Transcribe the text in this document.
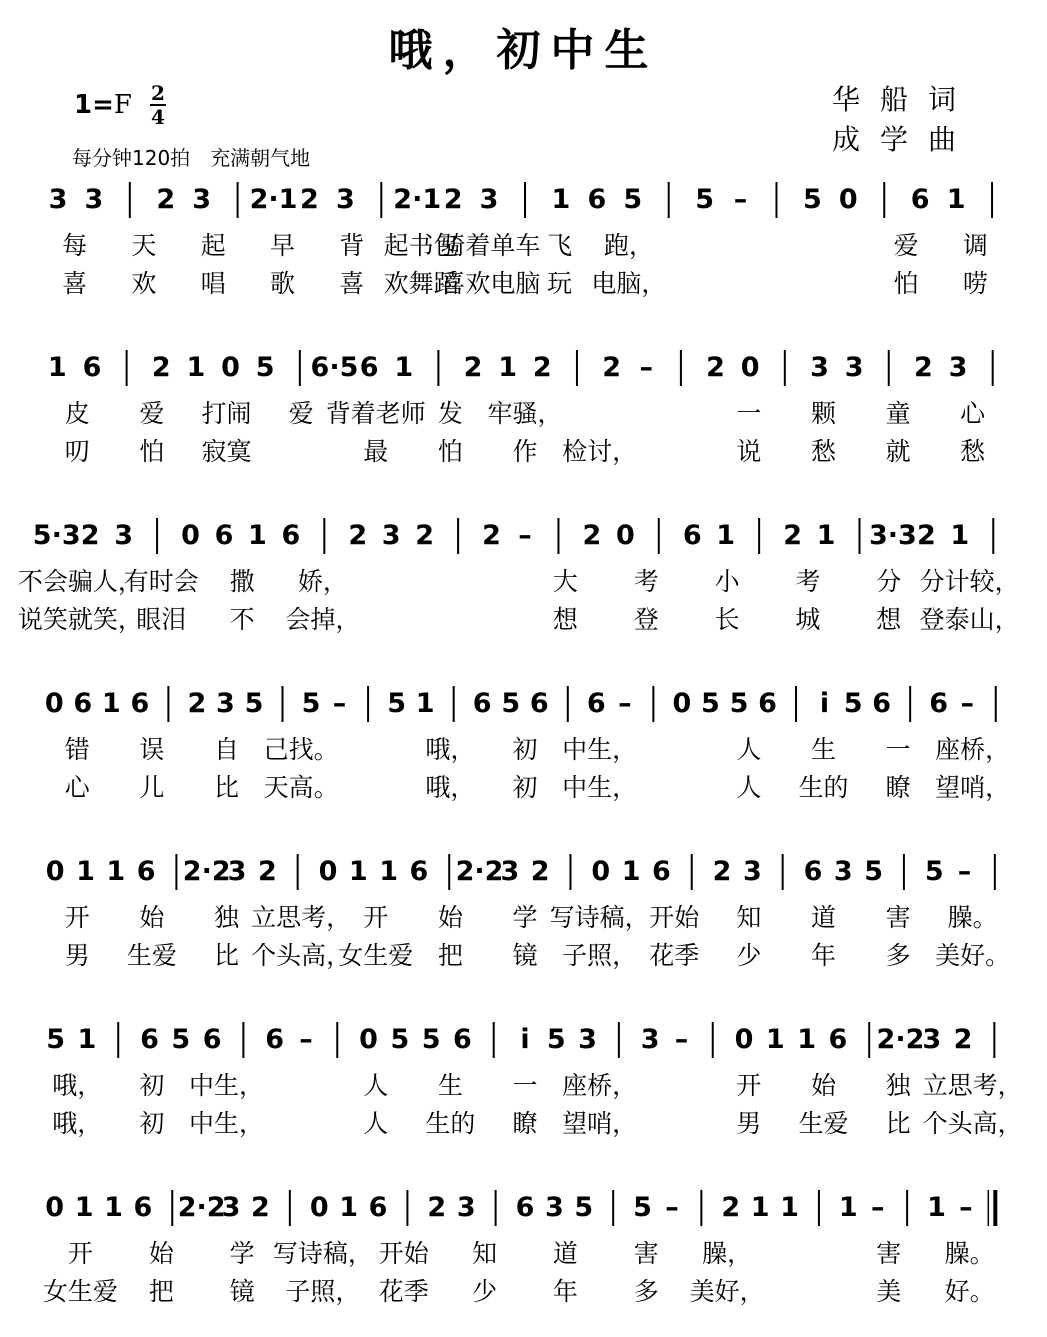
哦，初中生
华船词
成学曲
1=F 2
4
每分钟120拍 充满朝气地
3 3 2 3 2·1 2 3 2·1 2 3 1 6 5 5 – 5 0 6 1
每 天 起 早 背 起书包
骑着单车 飞 跑，	爱 调
喜 欢 唱 歌 喜 欢舞蹈
喜欢电脑 玩 电脑，	怕 唠
1 6 2 1 0 5 6·5 6 1 2 1 2 2 – 2 0 3 3 2 3
皮 爱 打闹 爱 背着老师 发 牢骚，	一 颗 童 心
叨 怕 寂寞	最 怕 作 检讨，	说 愁 就 愁
5·3 2 3 0 6 1 6 2 3 2 2 – 2 0 6 1 2 1 3·3 2 1
不会骗人，
有时会 撒 娇，	大 考 小 考 分 分计较，
说笑就笑，
眼泪 不 会掉，	想 登 长 城 想 登泰山，
0 6 1 6 2 3 5 5 – 5 1 6 5 6 6 – 0 5 5 6 i 5 6 6 –
错 误 自 己找。	哦， 初 中生，	人 生 一 座桥，
心 儿 比 天高。	哦， 初 中生，	人 生的 瞭 望哨，
0 1 1 6 2·2
3 2 0 1 1 6 2·2
3 2 0 1 6 2 3 6 3 5 5 –
开 始 独 立思考， 开 始 学 写诗稿， 开始 知 道 害 臊。
男 生爱 比 个头高，
女生爱 把 镜 子照， 花季 少 年 多 美好。
5 1 6 5 6 6 – 0 5 5 6 i 5 3 3 – 0 1 1 6 2·2
3 2
哦， 初 中生，	人 生 一 座桥，	开 始 独 立思考，
哦， 初 中生，	人 生的 瞭 望哨，	男 生爱 比 个头高，
0 1 1 6 2·2
3 2 0 1 6 2 3 6 3 5 5 – 2 1 1 1 – 1 –
开 始 学 写诗稿， 开始 知 道 害 臊，	害 臊。
女生爱 把 镜 子照， 花季 少 年 多 美好，	美 好。
